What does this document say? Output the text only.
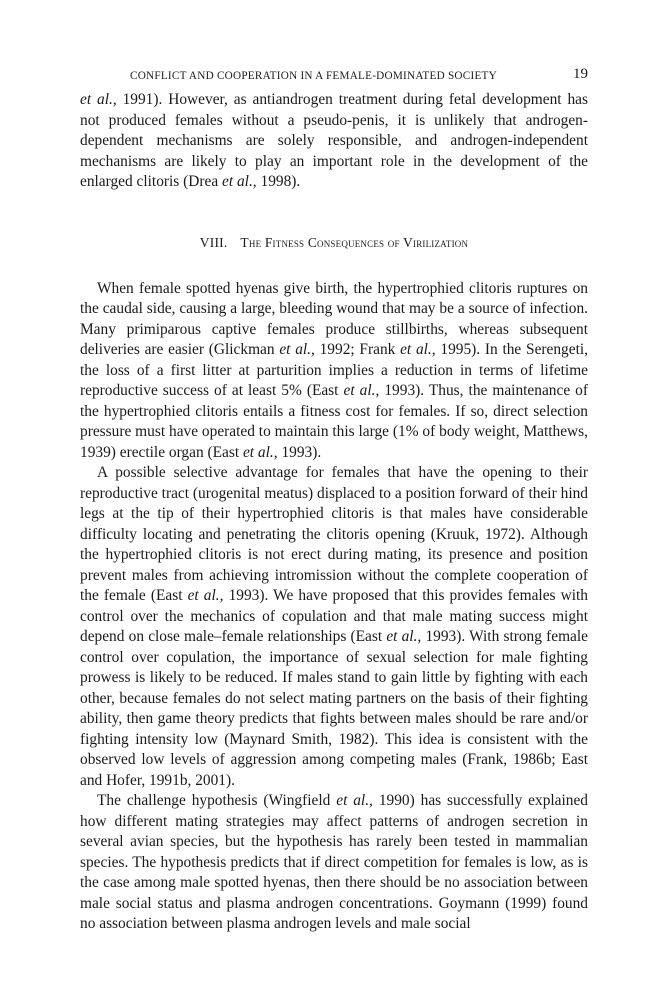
CONFLICT AND COOPERATION IN A FEMALE-DOMINATED SOCIETY	19

et al., 1991). However, as antiandrogen treatment during fetal development has not produced females without a pseudo-penis, it is unlikely that androgen-dependent mechanisms are solely responsible, and androgen-independent mechanisms are likely to play an important role in the development of the enlarged clitoris (Drea et al., 1998).

VIII. The Fitness Consequences of Virilization

When female spotted hyenas give birth, the hypertrophied clitoris ruptures on the caudal side, causing a large, bleeding wound that may be a source of infection. Many primiparous captive females produce stillbirths, whereas subsequent deliveries are easier (Glickman et al., 1992; Frank et al., 1995). In the Serengeti, the loss of a first litter at parturition implies a reduction in terms of lifetime reproductive success of at least 5% (East et al., 1993). Thus, the maintenance of the hypertrophied clitoris entails a fitness cost for females. If so, direct selection pressure must have operated to maintain this large (1% of body weight, Matthews, 1939) erectile organ (East et al., 1993).

A possible selective advantage for females that have the opening to their reproductive tract (urogenital meatus) displaced to a position forward of their hind legs at the tip of their hypertrophied clitoris is that males have considerable difficulty locating and penetrating the clitoris opening (Kruuk, 1972). Although the hypertrophied clitoris is not erect during mating, its presence and position prevent males from achieving intromission without the complete cooperation of the female (East et al., 1993). We have proposed that this provides females with control over the mechanics of copulation and that male mating success might depend on close male–female relationships (East et al., 1993). With strong female control over copulation, the importance of sexual selection for male fighting prowess is likely to be reduced. If males stand to gain little by fighting with each other, because females do not select mating partners on the basis of their fighting ability, then game theory predicts that fights between males should be rare and/or fighting intensity low (Maynard Smith, 1982). This idea is consistent with the observed low levels of aggression among competing males (Frank, 1986b; East and Hofer, 1991b, 2001).

The challenge hypothesis (Wingfield et al., 1990) has successfully explained how different mating strategies may affect patterns of androgen secretion in several avian species, but the hypothesis has rarely been tested in mammalian species. The hypothesis predicts that if direct competition for females is low, as is the case among male spotted hyenas, then there should be no association between male social status and plasma androgen concentrations. Goymann (1999) found no association between plasma androgen levels and male social
